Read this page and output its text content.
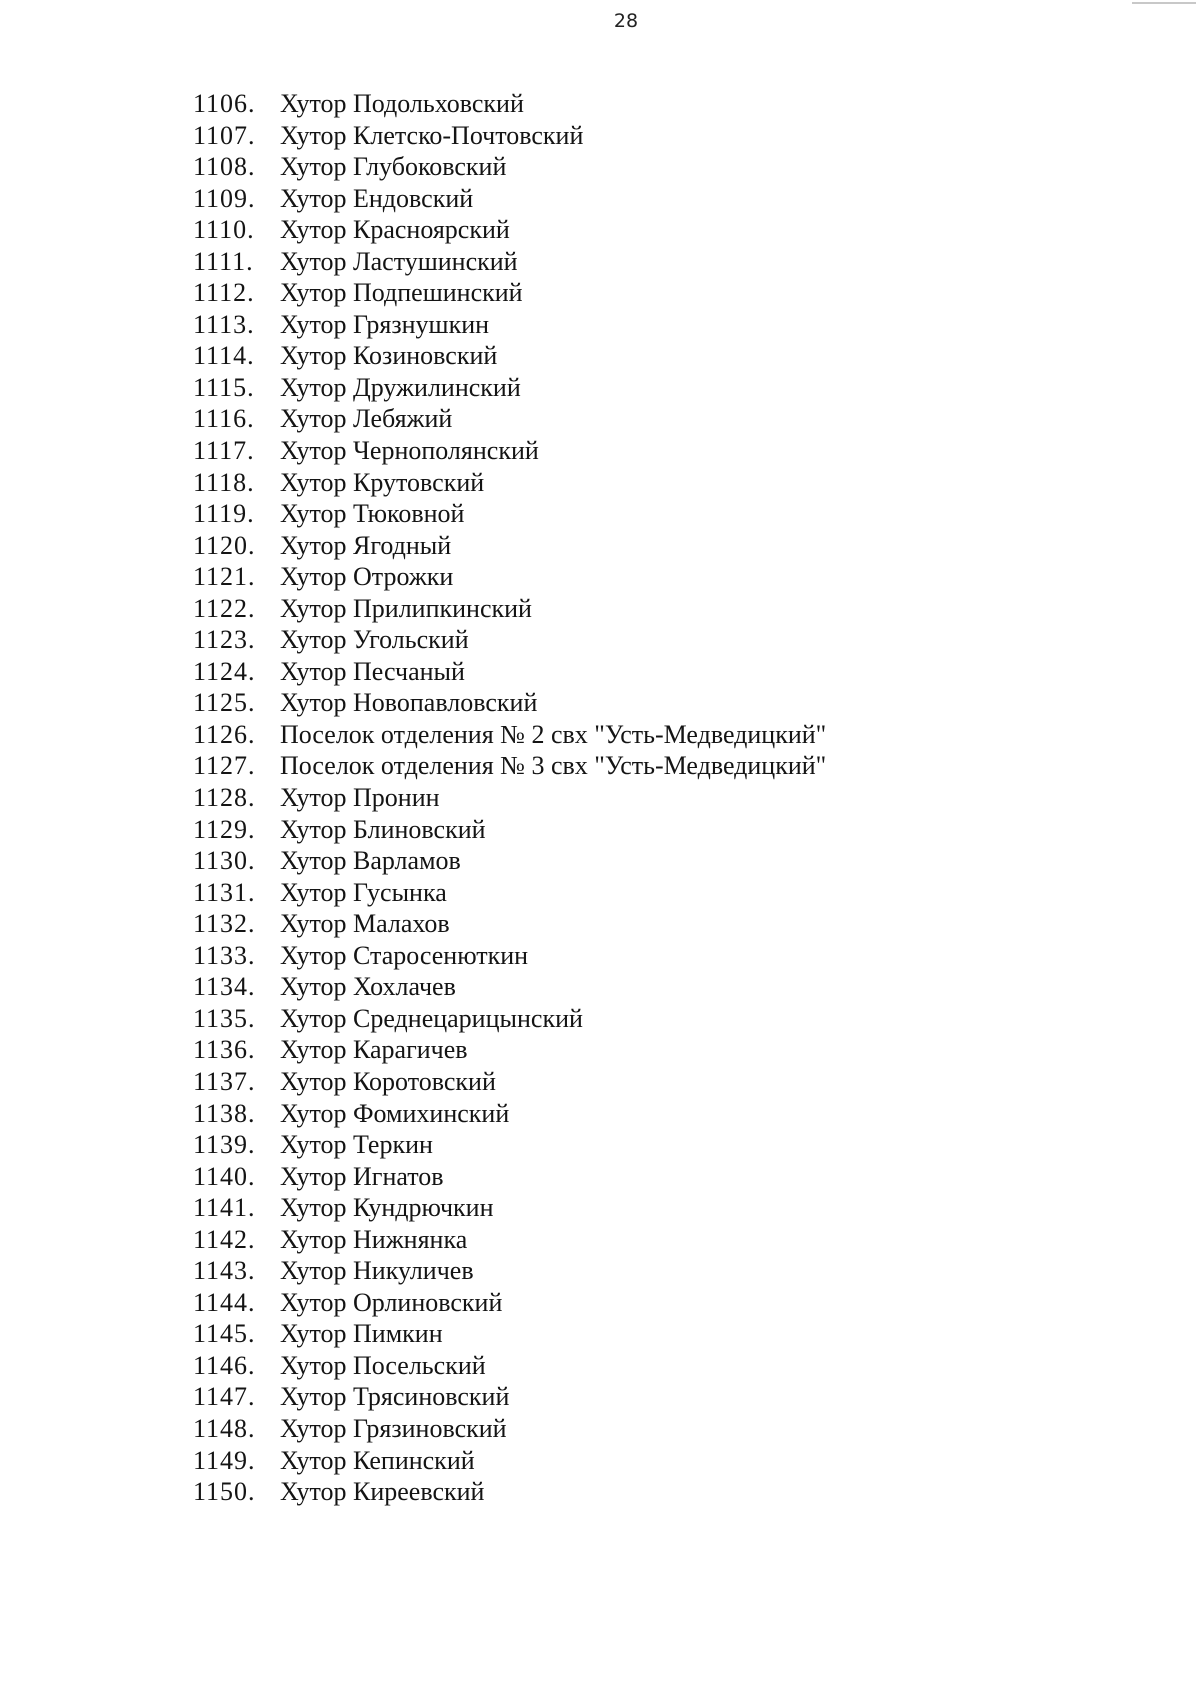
28
1106. Хутор Подольховский
1107. Хутор Клетско-Почтовский
1108. Хутор Глубоковский
1109. Хутор Ендовский
1110. Хутор Красноярский
1111.	Хутор Ластушинский
1112. Хутор Подпешинский
1113. Хутор Грязнушкин
1114. Хутор Козиновский
1115. Хутор Дружилинский
1116. Хутор Лебяжий
1117. Хутор Чернополянский
1118. Хутор Крутовский
1119. Хутор Тюковной
1120. Хутор Ягодный
1121. Хутор Отрожки
1122. Хутор Прилипкинский
1123. Хутор Угольский
1124. Хутор Песчаный
1125. Хутор Новопавловский
1126. Поселок отделения № 2 свх "Усть-Медведицкий"
1127. Поселок отделения № 3 свх "Усть-Медведицкий"
1128. Хутор Пронин
1129. Хутор Блиновский
1130. Хутор Варламов
1131. Хутор Гусынка
1132. Хутор Малахов
1133. Хутор Старосенюткин
1134. Хутор Хохлачев
1135. Хутор Среднецарицынский
1136. Хутор Карагичев
1137. Хутор Коротовский
1138. Хутор Фомихинский
1139. Хутор Теркин
1140. Хутор Игнатов
1141. Хутор Кундрючкин
1142. Хутор Нижнянка
1143. Хутор Никуличев
1144. Хутор Орлиновский
1145. Хутор Пимкин
1146. Хутор Посельский
1147. Хутор Трясиновский
1148. Хутор Грязиновский
1149. Хутор Кепинский
1150. Хутор Киреевский
